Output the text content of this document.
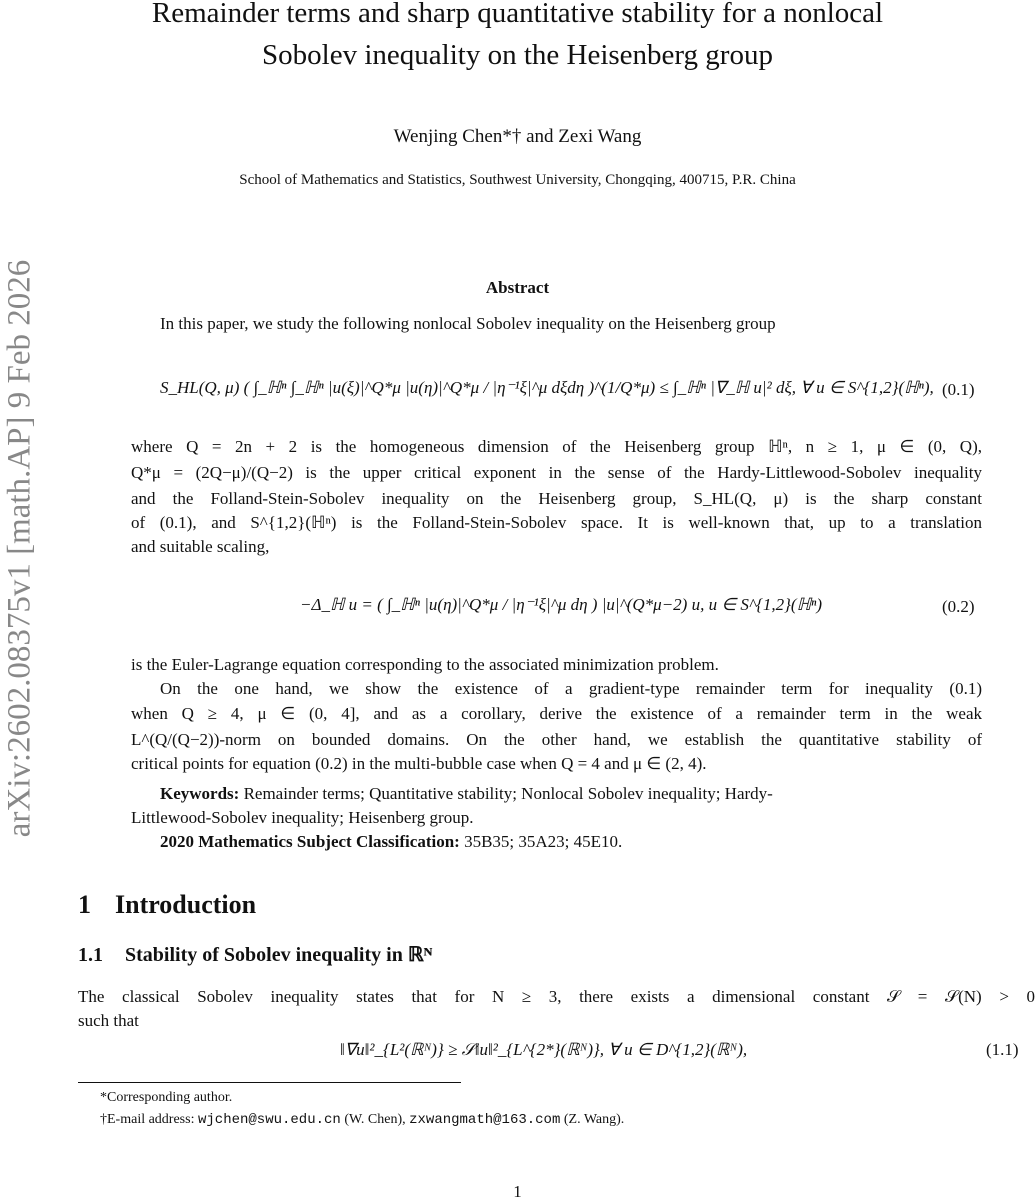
arXiv:2602.08375v1 [math.AP] 9 Feb 2026
Remainder terms and sharp quantitative stability for a nonlocal
Sobolev inequality on the Heisenberg group
Wenjing Chen*† and Zexi Wang
School of Mathematics and Statistics, Southwest University, Chongqing, 400715, P.R. China
Abstract
In this paper, we study the following nonlocal Sobolev inequality on the Heisenberg group
S_HL(Q, μ) ( ∫_ℍⁿ ∫_ℍⁿ |u(ξ)|^Q*μ |u(η)|^Q*μ / |η⁻¹ξ|^μ dξdη )^(1/Q*μ) ≤ ∫_ℍⁿ |∇_ℍ u|² dξ, ∀ u ∈ S^{1,2}(ℍⁿ), (0.1)
where Q = 2n + 2 is the homogeneous dimension of the Heisenberg group ℍⁿ, n ≥ 1, μ ∈ (0, Q),
Q*μ = (2Q−μ)/(Q−2) is the upper critical exponent in the sense of the Hardy-Littlewood-Sobolev inequality
and the Folland-Stein-Sobolev inequality on the Heisenberg group, S_HL(Q, μ) is the sharp constant
of (0.1), and S^{1,2}(ℍⁿ) is the Folland-Stein-Sobolev space. It is well-known that, up to a translation
and suitable scaling,
−Δ_ℍ u = ( ∫_ℍⁿ |u(η)|^Q*μ / |η⁻¹ξ|^μ dη ) |u|^(Q*μ−2) u, u ∈ S^{1,2}(ℍⁿ)	(0.2)
is the Euler-Lagrange equation corresponding to the associated minimization problem.
On the one hand, we show the existence of a gradient-type remainder term for inequality (0.1)
when Q ≥ 4, μ ∈ (0, 4], and as a corollary, derive the existence of a remainder term in the weak
L^(Q/(Q−2))-norm on bounded domains. On the other hand, we establish the quantitative stability of
critical points for equation (0.2) in the multi-bubble case when Q = 4 and μ ∈ (2, 4).
Keywords: Remainder terms; Quantitative stability; Nonlocal Sobolev inequality; Hardy-
Littlewood-Sobolev inequality; Heisenberg group.
2020 Mathematics Subject Classification: 35B35; 35A23; 45E10.
1 Introduction
1.1 Stability of Sobolev inequality in ℝᴺ
The classical Sobolev inequality states that for N ≥ 3, there exists a dimensional constant 𝒮 = 𝒮(N) > 0
such that
‖∇u‖²_{L²(ℝᴺ)} ≥ 𝒮‖u‖²_{L^{2*}(ℝᴺ)}, ∀ u ∈ D^{1,2}(ℝᴺ),	(1.1)
*Corresponding author.
†E-mail address: wjchen@swu.edu.cn (W. Chen), zxwangmath@163.com (Z. Wang).
1
